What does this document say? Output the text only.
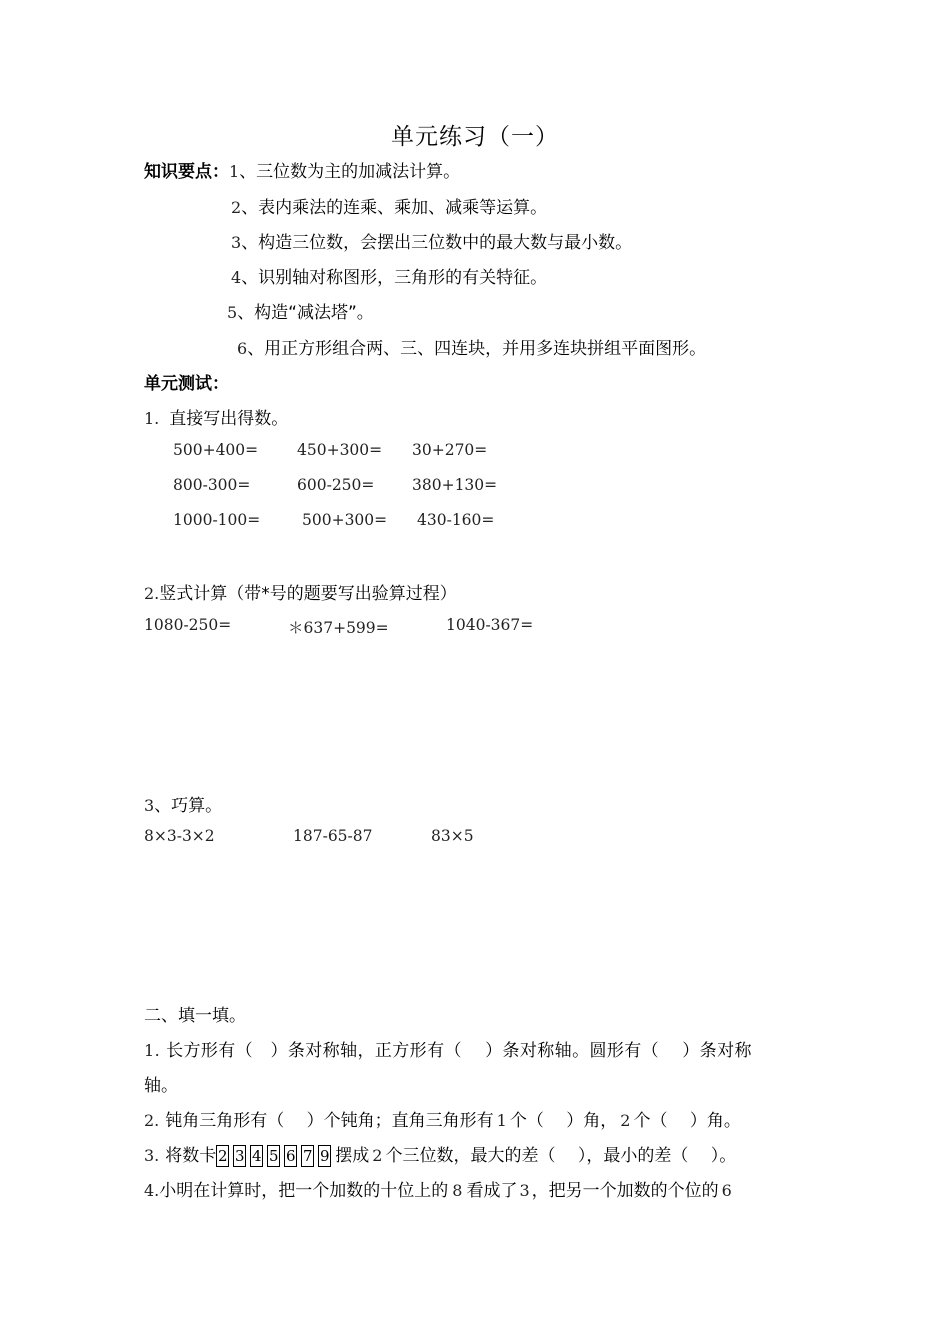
单元练习（一）
知识要点：1、三位数为主的加减法计算。
2、表内乘法的连乘、乘加、减乘等运算。
3、构造三位数，会摆出三位数中的最大数与最小数。
4、识别轴对称图形，三角形的有关特征。
5、构造“减法塔”。
6、用正方形组合两、三、四连块，并用多连块拼组平面图形。
单元测试：
1. 直接写出得数。
500+400=	450+300= 30+270=
800-300=	600-250= 380+130=
1000-100=	500+300= 430-160=
2.竖式计算（带*号的题要写出验算过程）
1080-250=	＊637+599=	1040-367=
3、巧算。
8×3-3×2	187-65-87	83×5
二、填一填。
1. 长方形有（　）条对称轴，正方形有（　 ）条对称轴。圆形有（　 ）条对称
轴。
2. 钝角三角形有（　 ）个钝角；直角三角形有 1 个（　 ）角， 2 个（　 ）角。
3. 将数卡 2 3 4 5 6 7 9 摆成 2 个三位数，最大的差（　 ），最小的差（　 ）。
4.小明在计算时，把一个加数的十位上的 8 看成了 3 ，把另一个加数的个位的 6
